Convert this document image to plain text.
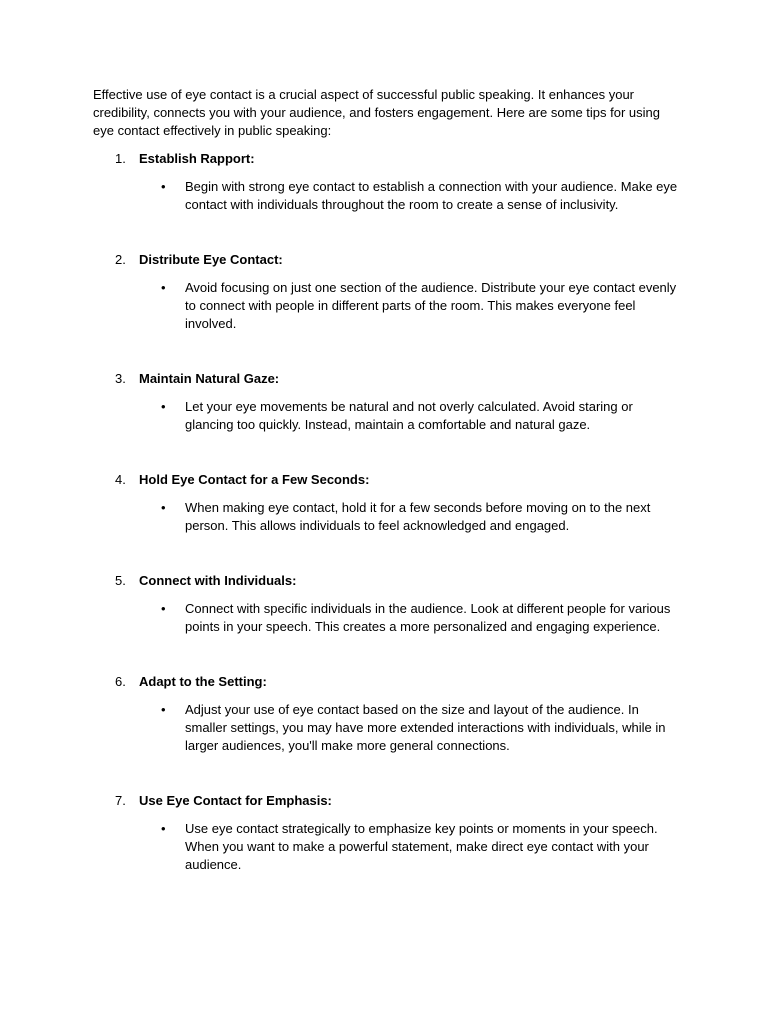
Effective use of eye contact is a crucial aspect of successful public speaking. It enhances your credibility, connects you with your audience, and fosters engagement. Here are some tips for using eye contact effectively in public speaking:

1.	Establish Rapport:
• Begin with strong eye contact to establish a connection with your audience. Make eye contact with individuals throughout the room to create a sense of inclusivity.

2.	Distribute Eye Contact:
• Avoid focusing on just one section of the audience. Distribute your eye contact evenly to connect with people in different parts of the room. This makes everyone feel involved.

3.	Maintain Natural Gaze:
• Let your eye movements be natural and not overly calculated. Avoid staring or glancing too quickly. Instead, maintain a comfortable and natural gaze.

4.	Hold Eye Contact for a Few Seconds:
• When making eye contact, hold it for a few seconds before moving on to the next person. This allows individuals to feel acknowledged and engaged.

5.	Connect with Individuals:
• Connect with specific individuals in the audience. Look at different people for various points in your speech. This creates a more personalized and engaging experience.

6.	Adapt to the Setting:
• Adjust your use of eye contact based on the size and layout of the audience. In smaller settings, you may have more extended interactions with individuals, while in larger audiences, you'll make more general connections.

7.	Use Eye Contact for Emphasis:
• Use eye contact strategically to emphasize key points or moments in your speech. When you want to make a powerful statement, make direct eye contact with your audience.
